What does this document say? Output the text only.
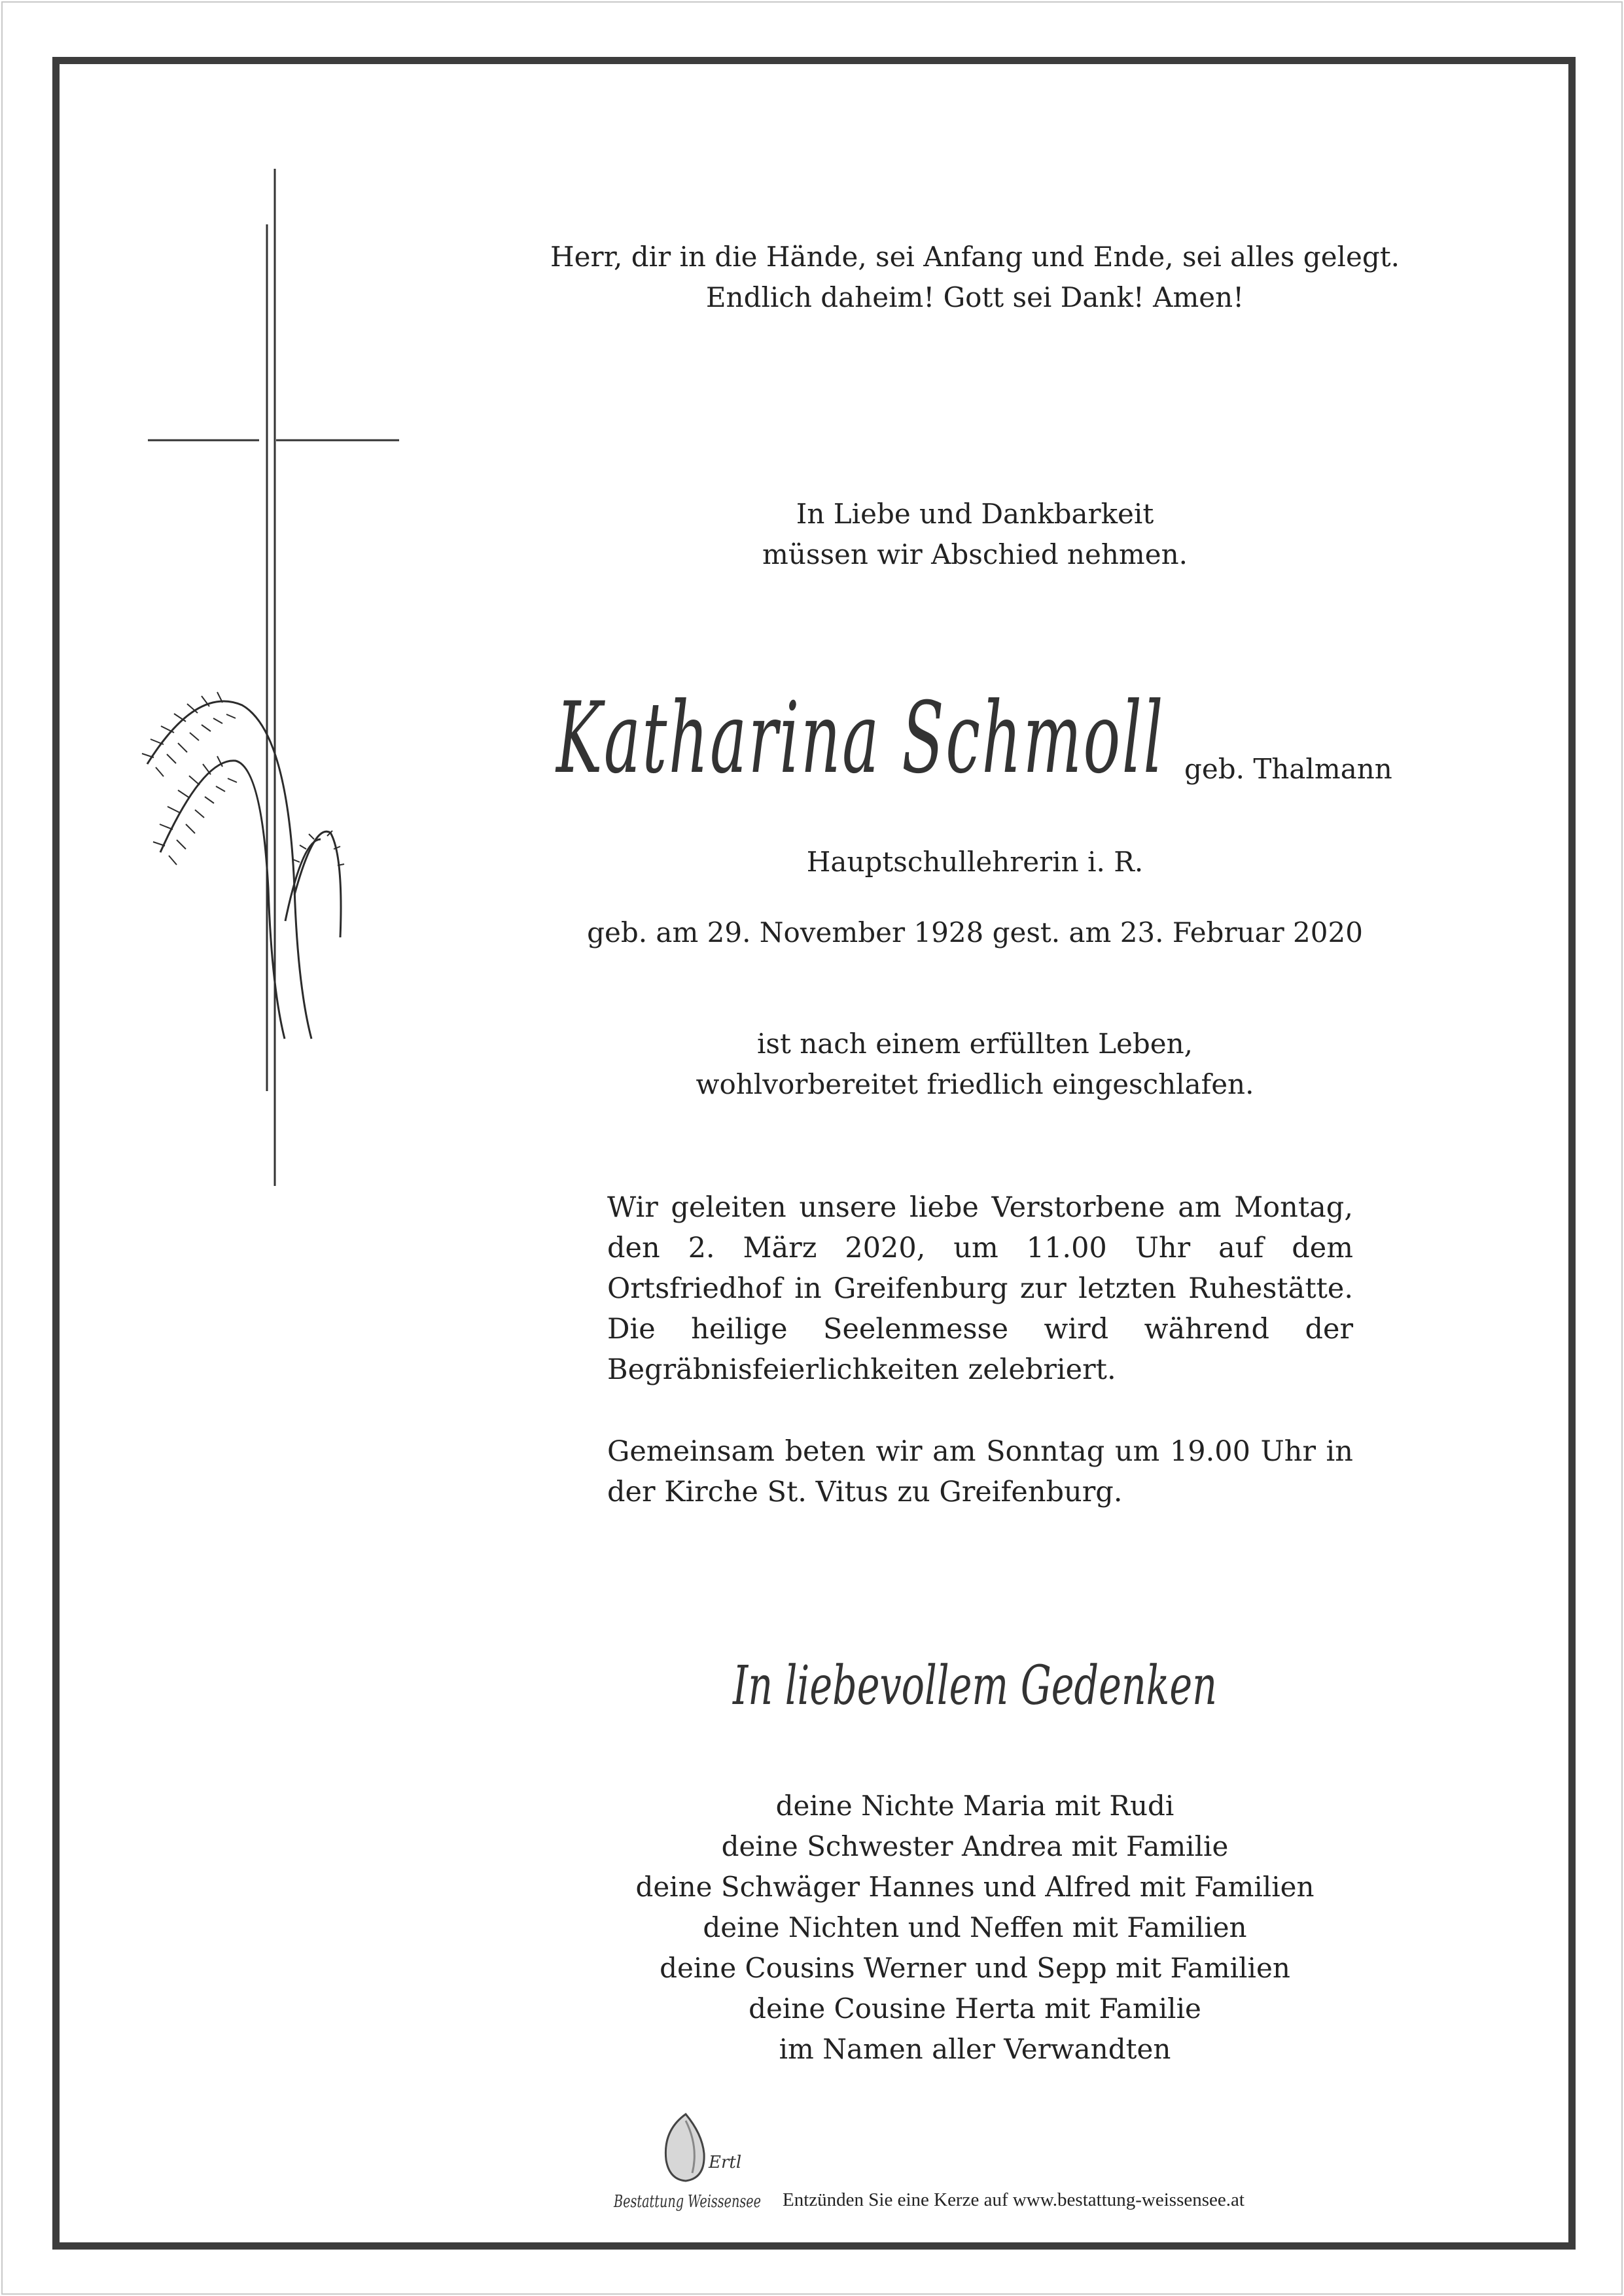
Herr, dir in die Hände, sei Anfang und Ende, sei alles gelegt.
Endlich daheim! Gott sei Dank! Amen!
In Liebe und Dankbarkeit
müssen wir Abschied nehmen.
Katharina Schmoll geb. Thalmann
Hauptschullehrerin i. R.
geb. am 29. November 1928 gest. am 23. Februar 2020
ist nach einem erfüllten Leben,
wohlvorbereitet friedlich eingeschlafen.
Wir geleiten unsere liebe Verstorbene am Montag, den 2. März 2020, um 11.00 Uhr auf dem Ortsfriedhof in Greifenburg zur letzten Ruhestätte. Die heilige Seelenmesse wird während der Begräbnisfeierlichkeiten zelebriert.
Gemeinsam beten wir am Sonntag um 19.00 Uhr in der Kirche St. Vitus zu Greifenburg.
In liebevollem Gedenken
deine Nichte Maria mit Rudi
deine Schwester Andrea mit Familie
deine Schwäger Hannes und Alfred mit Familien
deine Nichten und Neffen mit Familien
deine Cousins Werner und Sepp mit Familien
deine Cousine Herta mit Familie
im Namen aller Verwandten
Ertl
Bestattung Weissensee Entzünden Sie eine Kerze auf www.bestattung-weissensee.at
